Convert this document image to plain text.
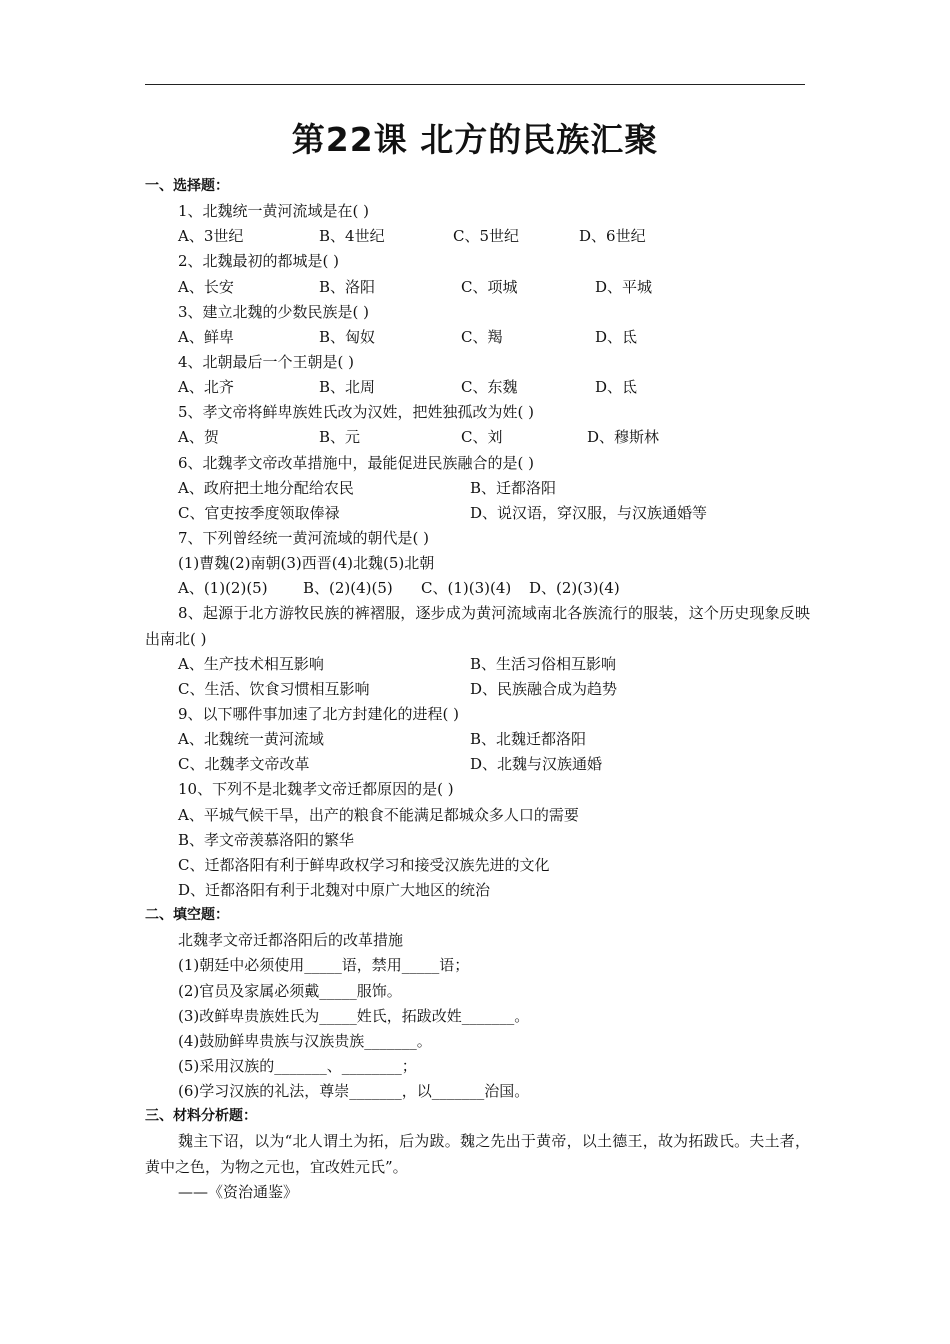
第22课 北方的民族汇聚
一、选择题：
1、北魏统一黄河流域是在( )
A、3世纪	B、4世纪	C、5世纪	D、6世纪
2、北魏最初的都城是( )
A、长安	B、洛阳	C、项城	D、平城
3、建立北魏的少数民族是( )
A、鲜卑	B、匈奴	C、羯	D、氐
4、北朝最后一个王朝是( )
A、北齐	B、北周	C、东魏	D、氐
5、孝文帝将鲜卑族姓氏改为汉姓，把姓独孤改为姓( )
A、贺	B、元	C、刘	D、穆斯林
6、北魏孝文帝改革措施中，最能促进民族融合的是( )
A、政府把土地分配给农民	B、迁都洛阳
C、官吏按季度领取俸禄	D、说汉语，穿汉服，与汉族通婚等
7、下列曾经统一黄河流域的朝代是( )
(1)曹魏(2)南朝(3)西晋(4)北魏(5)北朝
A、(1)(2)(5) B、(2)(4)(5) C、(1)(3)(4) D、(2)(3)(4)
8、起源于北方游牧民族的裤褶服，逐步成为黄河流域南北各族流行的服装，这个历史现象反映出南北( )
A、生产技术相互影响	B、生活习俗相互影响
C、生活、饮食习惯相互影响	D、民族融合成为趋势
9、以下哪件事加速了北方封建化的进程( )
A、北魏统一黄河流域	B、北魏迁都洛阳
C、北魏孝文帝改革	D、北魏与汉族通婚
10、下列不是北魏孝文帝迁都原因的是( )
A、平城气候干旱，出产的粮食不能满足都城众多人口的需要
B、孝文帝羡慕洛阳的繁华
C、迁都洛阳有利于鲜卑政权学习和接受汉族先进的文化
D、迁都洛阳有利于北魏对中原广大地区的统治
二、填空题：
北魏孝文帝迁都洛阳后的改革措施
(1)朝廷中必须使用_____语，禁用_____语；
(2)官员及家属必须戴_____服饰。
(3)改鲜卑贵族姓氏为_____姓氏，拓跋改姓_______。
(4)鼓励鲜卑贵族与汉族贵族_______。
(5)采用汉族的_______、________；
(6)学习汉族的礼法，尊崇_______，以_______治国。
三、材料分析题：
魏主下诏，以为“北人谓土为拓，后为跋。魏之先出于黄帝，以土德王，故为拓跋氏。夫土者，黄中之色，为物之元也，宜改姓元氏”。
——《资治通鉴》
